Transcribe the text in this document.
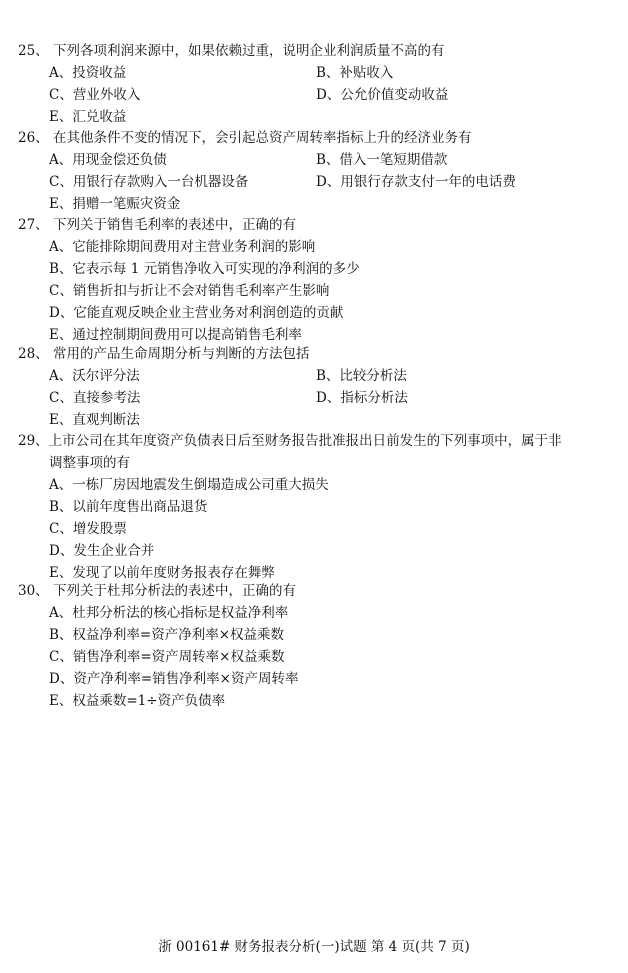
25、 下列各项利润来源中，如果依赖过重，说明企业利润质量不高的有
A、投资收益	B、补贴收入
C、营业外收入	D、公允价值变动收益
E、汇兑收益
26、 在其他条件不变的情况下，会引起总资产周转率指标上升的经济业务有
A、用现金偿还负债	B、借入一笔短期借款
C、用银行存款购入一台机器设备	D、用银行存款支付一年的电话费
E、捐赠一笔赈灾资金
27、 下列关于销售毛利率的表述中，正确的有
A、它能排除期间费用对主营业务利润的影响
B、它表示每 1 元销售净收入可实现的净利润的多少
C、销售折扣与折让不会对销售毛利率产生影响
D、它能直观反映企业主营业务对利润创造的贡献
E、通过控制期间费用可以提高销售毛利率
28、 常用的产品生命周期分析与判断的方法包括
A、沃尔评分法	B、比较分析法
C、直接参考法	D、指标分析法
E、直观判断法
29、上市公司在其年度资产负债表日后至财务报告批准报出日前发生的下列事项中，属于非
调整事项的有
A、一栋厂房因地震发生倒塌造成公司重大损失
B、以前年度售出商品退货
C、增发股票
D、发生企业合并
E、发现了以前年度财务报表存在舞弊
30、 下列关于杜邦分析法的表述中，正确的有
A、杜邦分析法的核心指标是权益净利率
B、权益净利率=资产净利率×权益乘数
C、销售净利率=资产周转率×权益乘数
D、资产净利率=销售净利率×资产周转率
E、权益乘数=1÷资产负债率
浙 00161# 财务报表分析(一)试题 第 4 页(共 7 页)
